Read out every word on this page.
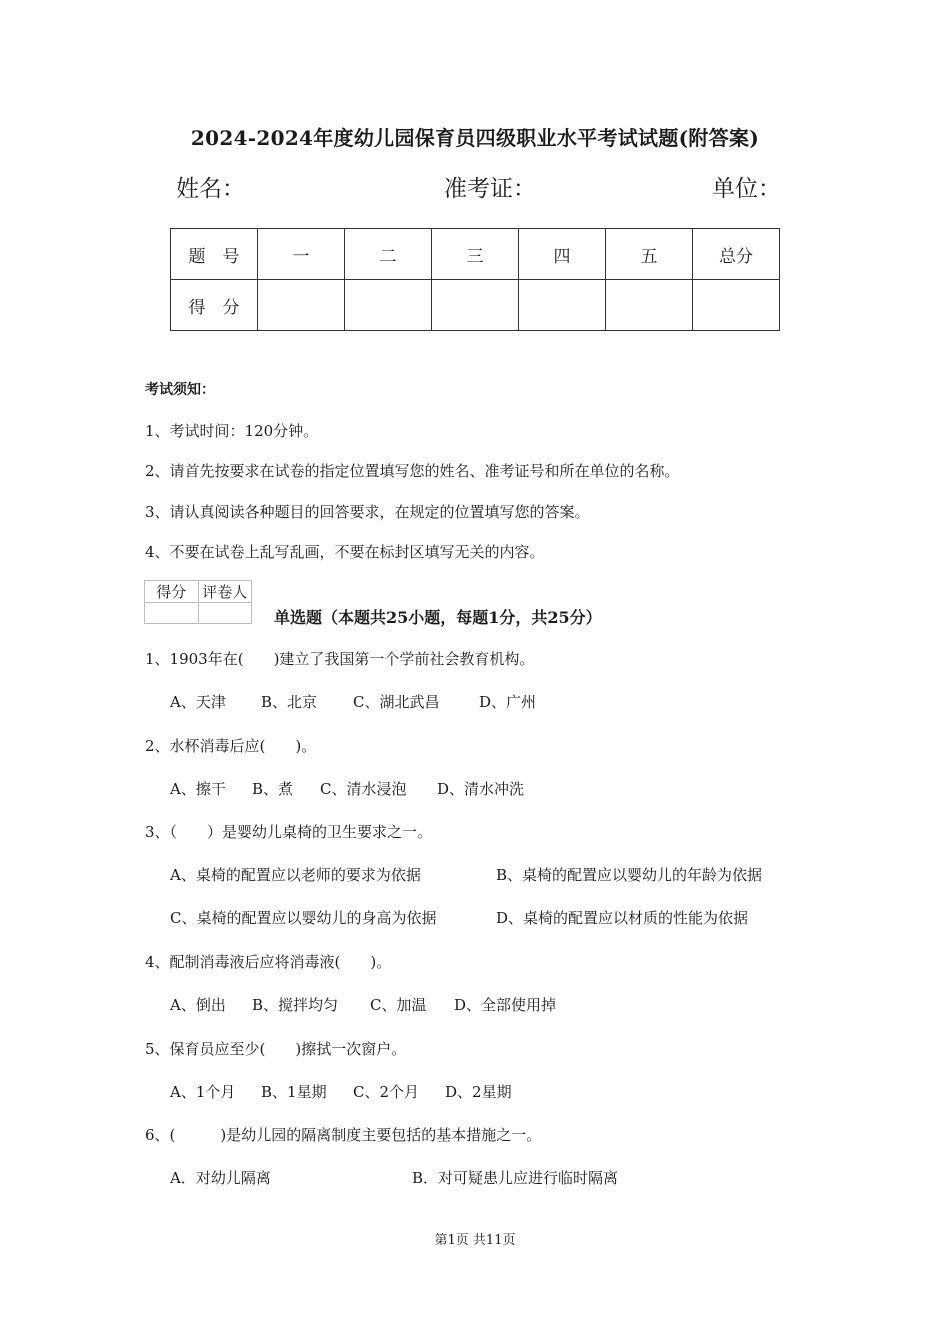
2024-2024年度幼儿园保育员四级职业水平考试试题(附答案)
姓名：	准考证：	单位：
题　号	一	二	三	四	五	总分
得　分						
考试须知：
1、考试时间：120分钟。
2、请首先按要求在试卷的指定位置填写您的姓名、准考证号和所在单位的名称。
3、请认真阅读各种题目的回答要求，在规定的位置填写您的答案。
4、不要在试卷上乱写乱画，不要在标封区填写无关的内容。
得分	评卷人

单选题（本题共25小题，每题1分，共25分）
1、1903年在(　　)建立了我国第一个学前社会教育机构。
A、天津 B、北京 C、湖北武昌	D、广州
2、水杯消毒后应(　　)。
A、擦干 B、煮 C、清水浸泡 D、清水冲洗
3、（　　）是婴幼儿桌椅的卫生要求之一。
A、桌椅的配置应以老师的要求为依据	B、桌椅的配置应以婴幼儿的年龄为依据
C、桌椅的配置应以婴幼儿的身高为依据	D、桌椅的配置应以材质的性能为依据
4、配制消毒液后应将消毒液(　　)。
A、倒出 B、搅拌均匀 C、加温 D、全部使用掉
5、保育员应至少(　　)擦拭一次窗户。
A、1个月 B、1星期 C、2个月 D、2星期
6、(　　　)是幼儿园的隔离制度主要包括的基本措施之一。
A．对幼儿隔离	B．对可疑患儿应进行临时隔离
第1页 共11页
